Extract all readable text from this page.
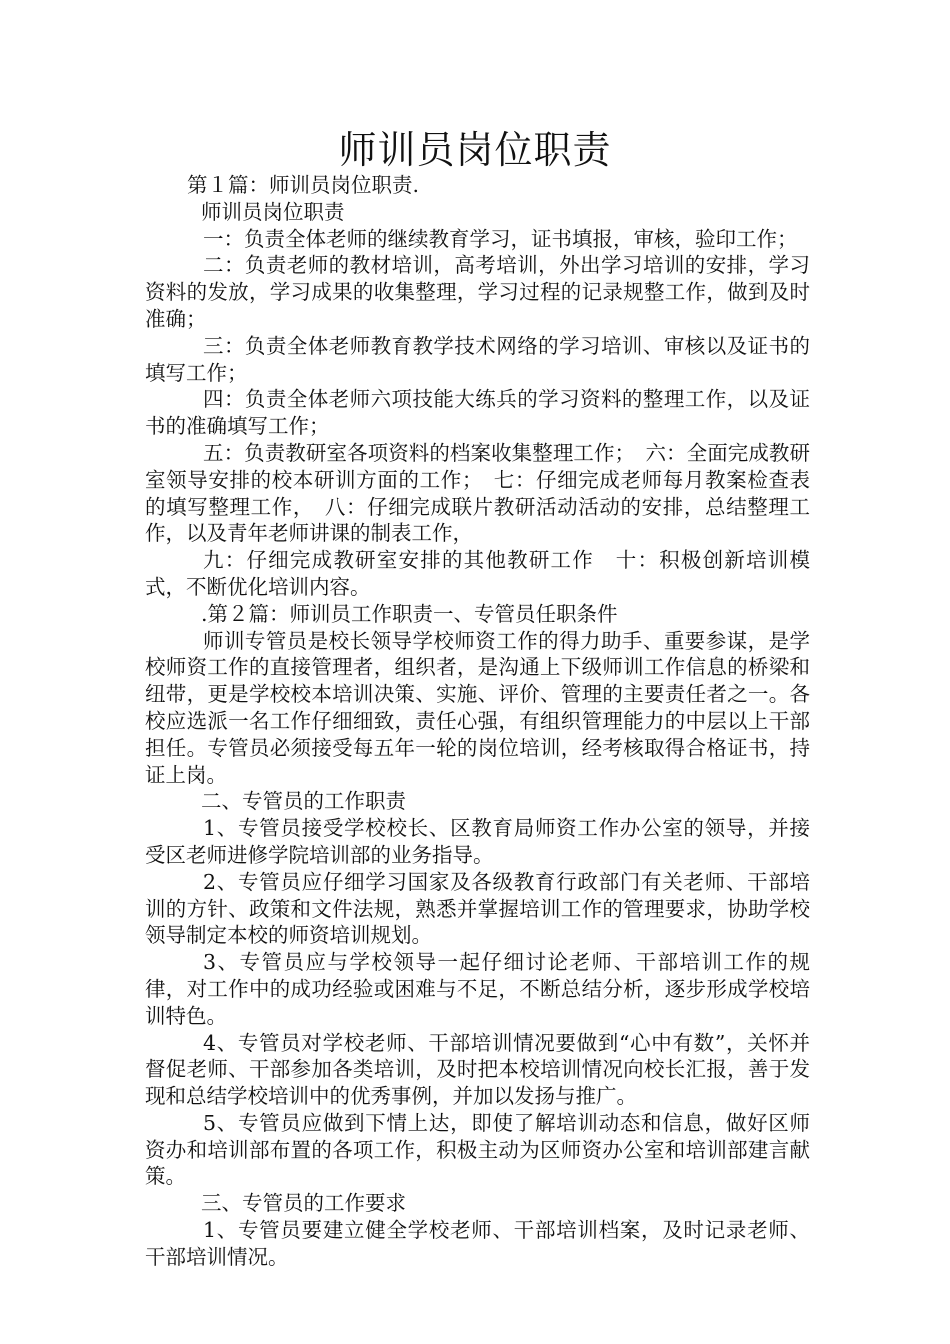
师训员岗位职责

第１篇：师训员岗位职责.

师训员岗位职责

一：负责全体老师的继续教育学习，证书填报，审核，验印工作；

二：负责老师的教材培训，高考培训，外出学习培训的安排，学习资料的发放，学习成果的收集整理，学习过程的记录规整工作，做到及时准确；

三：负责全体老师教育教学技术网络的学习培训、审核以及证书的填写工作；

四：负责全体老师六项技能大练兵的学习资料的整理工作，以及证书的准确填写工作；

五：负责教研室各项资料的档案收集整理工作；　六：全面完成教研室领导安排的校本研训方面的工作；　七：仔细完成老师每月教案检查表的填写整理工作，　八：仔细完成联片教研活动活动的安排，总结整理工作，以及青年老师讲课的制表工作，

九：仔细完成教研室安排的其他教研工作　十：积极创新培训模式，不断优化培训内容。

.第２篇：师训员工作职责一、专管员任职条件

师训专管员是校长领导学校师资工作的得力助手、重要参谋，是学校师资工作的直接管理者，组织者，是沟通上下级师训工作信息的桥梁和纽带，更是学校校本培训决策、实施、评价、管理的主要责任者之一。各校应选派一名工作仔细细致，责任心强，有组织管理能力的中层以上干部担任。专管员必须接受每五年一轮的岗位培训，经考核取得合格证书，持证上岗。

二、专管员的工作职责

1、专管员接受学校校长、区教育局师资工作办公室的领导，并接受区老师进修学院培训部的业务指导。

2、专管员应仔细学习国家及各级教育行政部门有关老师、干部培训的方针、政策和文件法规，熟悉并掌握培训工作的管理要求，协助学校领导制定本校的师资培训规划。

3、专管员应与学校领导一起仔细讨论老师、干部培训工作的规律，对工作中的成功经验或困难与不足，不断总结分析，逐步形成学校培训特色。

4、专管员对学校老师、干部培训情况要做到“心中有数”，关怀并督促老师、干部参加各类培训，及时把本校培训情况向校长汇报，善于发现和总结学校培训中的优秀事例，并加以发扬与推广。

5、专管员应做到下情上达，即使了解培训动态和信息，做好区师资办和培训部布置的各项工作，积极主动为区师资办公室和培训部建言献策。

三、专管员的工作要求

1、专管员要建立健全学校老师、干部培训档案，及时记录老师、干部培训情况。
